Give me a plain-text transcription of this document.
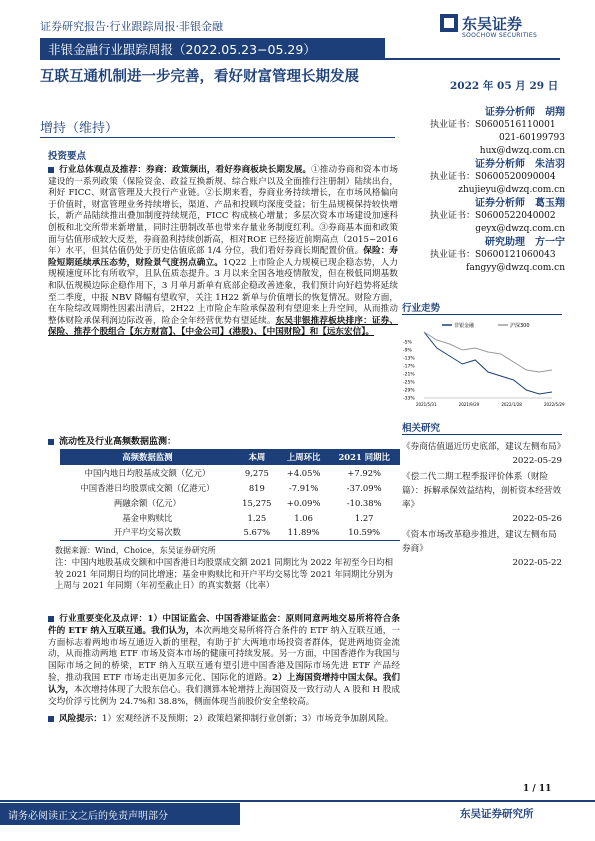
证券研究报告·行业跟踪周报·非银金融	东吴证券
SOOCHOW SECURITIES
非银金融行业跟踪周报（2022.05.23−05.29）
互联互通机制进一步完善，看好财富管理长期发展
增持（维持）
2022 年 05 月 29 日
证券分析师　胡翔
执业证书：S0600516110001
021-60199793
hux@dwzq.com.cn
证券分析师　朱洁羽
执业证书：S0600520090004
zhujieyu@dwzq.com.cn
证券分析师　葛玉翔
执业证书：S0600522040002
geyx@dwzq.com.cn
研究助理　方一宁
执业证书：S0600121060043
fangyy@dwzq.com.cn
投资要点
行业总体观点及推荐：券商：政策频出，看好券商板块长期发展。①推动券商和资本市场建设的一系列政策（保险资金、政益互换新规、综合账户以及全面推行注册制）陆续出台，利好 FICC、财富管理及大投行产业链。②长期来看，券商业务持续增长，在市场风格偏向于价值时，财富管理业务持续增长，渠道、产品和投顾均深度受益；衍生品规模保持较快增长，新产品陆续推出叠加制度持续规范，FICC 构成核心增量；多层次资本市场建设加速科创板和北交所带来新增量，同时注册制改革也带来存量业务制度红利。③券商基本面和政策面与估值形成较大反差，券商盈利持续创新高，相对ROE 已经接近前期高点（2015~2016 年）水平，但其估值仍处于历史估值底部 1/4 分位，我们看好券商长期配置价值。保险：寿险短期延续承压态势，财险景气度拐点确立。1Q22 上市险企人力规模已现企稳态势，人力规模速度环比有所收窄，且队伍质态提升。3 月以来全国各地疫情散发，但在极低同期基数和队伍规模边际企稳作用下，3 月单月新单有底部企稳改善迹象，我们预计向好趋势将延续至二季度，中报 NBV 降幅有望收窄，关注 1H22 新单与价值增长的恢复情况。财险方面，在车险综改周期性因素出清后，2H22 上市险企车险承保盈利有望迎来上升空间，从而推动整体财险承保利润边际改善，险企全年经营优势有望延续。东吴非银推荐板块排序：证券、保险、推荐个股组合【东方财富】、【中金公司】(港股)、【中国财险】和【远东宏信】。
流动性及行业高频数据监测：
高频数据监测	本周	上周环比	2021 同期比
中国内地日均股基成交额（亿元）	9,275	+4.05%	+7.92%
中国香港日均股票成交额（亿港元）	819	-7.91%	-37.09%
两融余额（亿元）	15,275	+0.09%	-10.38%
基金申购赎比	1.25	1.06	1.27
开户平均交易次数	5.67%	11.89%	10.59%
数据来源：Wind，Choice，东吴证券研究所
注：中国内地股基成交额和中国香港日均股票成交额 2021 同期比为 2022 年初至今日均相较 2021 年同期日均的同比增速；基金申购赎比和开户平均交易比等 2021 年同期比分别为上周与 2021 年同期（年初至截止日）的真实数据（比率）
行业重要变化及点评：1）中国证监会、中国香港证监会：原则同意两地交易所将符合条件的 ETF 纳入互联互通。我们认为，本次两地交易所将符合条件的 ETF 纳入互联互通，一方面标志着两地市场互通迈入新的里程，有助于扩大两地市场投资者群体，促进两地资金流动，从而推动两地 ETF 市场及资本市场的健康可持续发展。另一方面，中国香港作为我国与国际市场之间的桥梁，ETF 纳入互联互通有望引进中国香港及国际市场先进 ETF 产品经验，推动我国 ETF 市场走出更加多元化、国际化的道路。2）上海国资增持中国太保。我们认为，本次增持体现了大股东信心。我们测算本轮增持上海国资及一致行动人 A 股和 H 股成交均价浮亏比例为 24.7%和 38.8%，侧面体现当前股价安全垫较高。
风险提示：1）宏观经济不及预期；2）政策趋紧抑制行业创新；3）市场竞争加剧风险。
行业走势
非银金融	沪深300
-5%
-9%
-13%
-17%
-21%
-25%
-29%
-33%
2021/5/31	2021/9/29	2022/1/28	2022/5/29
相关研究
《券商估值逼近历史底部，建议左侧布局》
2022-05-29
《偿二代二期工程季报评价体系（财险篇）：拆解承保效益结构，剖析资本经营效率》
2022-05-26
《资本市场改革稳步推进，建议左侧布局券商》
2022-05-22
1 / 11
请务必阅读正文之后的免责声明部分	东吴证券研究所
